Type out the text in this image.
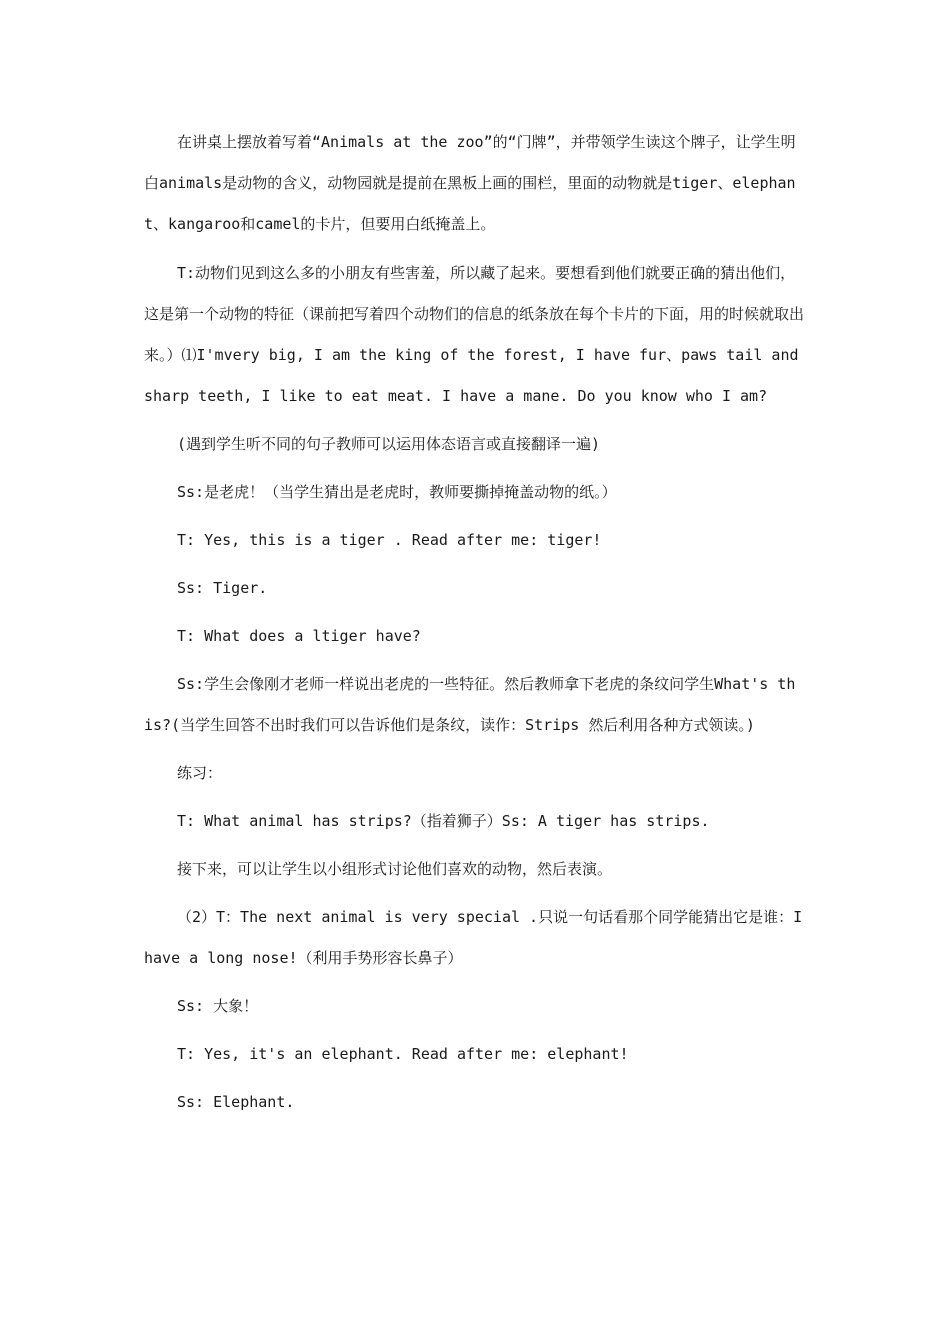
在讲桌上摆放着写着“Animals at the zoo”的“门牌”，并带领学生读这个牌子，让学生明白animals是动物的含义，动物园就是提前在黑板上画的围栏，里面的动物就是tiger、elephant、kangaroo和camel的卡片，但要用白纸掩盖上。

T:动物们见到这么多的小朋友有些害羞，所以藏了起来。要想看到他们就要正确的猜出他们，这是第一个动物的特征（课前把写着四个动物们的信息的纸条放在每个卡片的下面，用的时候就取出来。）⑴I'mvery big, I am the king of the forest, I have fur、paws tail and sharp teeth, I like to eat meat. I have a mane. Do you know who I am?

(遇到学生听不同的句子教师可以运用体态语言或直接翻译一遍)

Ss:是老虎！（当学生猜出是老虎时，教师要撕掉掩盖动物的纸。）

T: Yes, this is a tiger . Read after me: tiger!

Ss: Tiger.

T: What does a ltiger have?

Ss:学生会像刚才老师一样说出老虎的一些特征。然后教师拿下老虎的条纹问学生What's this?(当学生回答不出时我们可以告诉他们是条纹，读作：Strips 然后利用各种方式领读。)

练习：

T: What animal has strips?（指着狮子）Ss: A tiger has strips.

接下来，可以让学生以小组形式讨论他们喜欢的动物，然后表演。

（2）T：The next animal is very special .只说一句话看那个同学能猜出它是谁：I have a long nose!（利用手势形容长鼻子）

Ss: 大象！

T: Yes, it's an elephant. Read after me: elephant!

Ss: Elephant.
